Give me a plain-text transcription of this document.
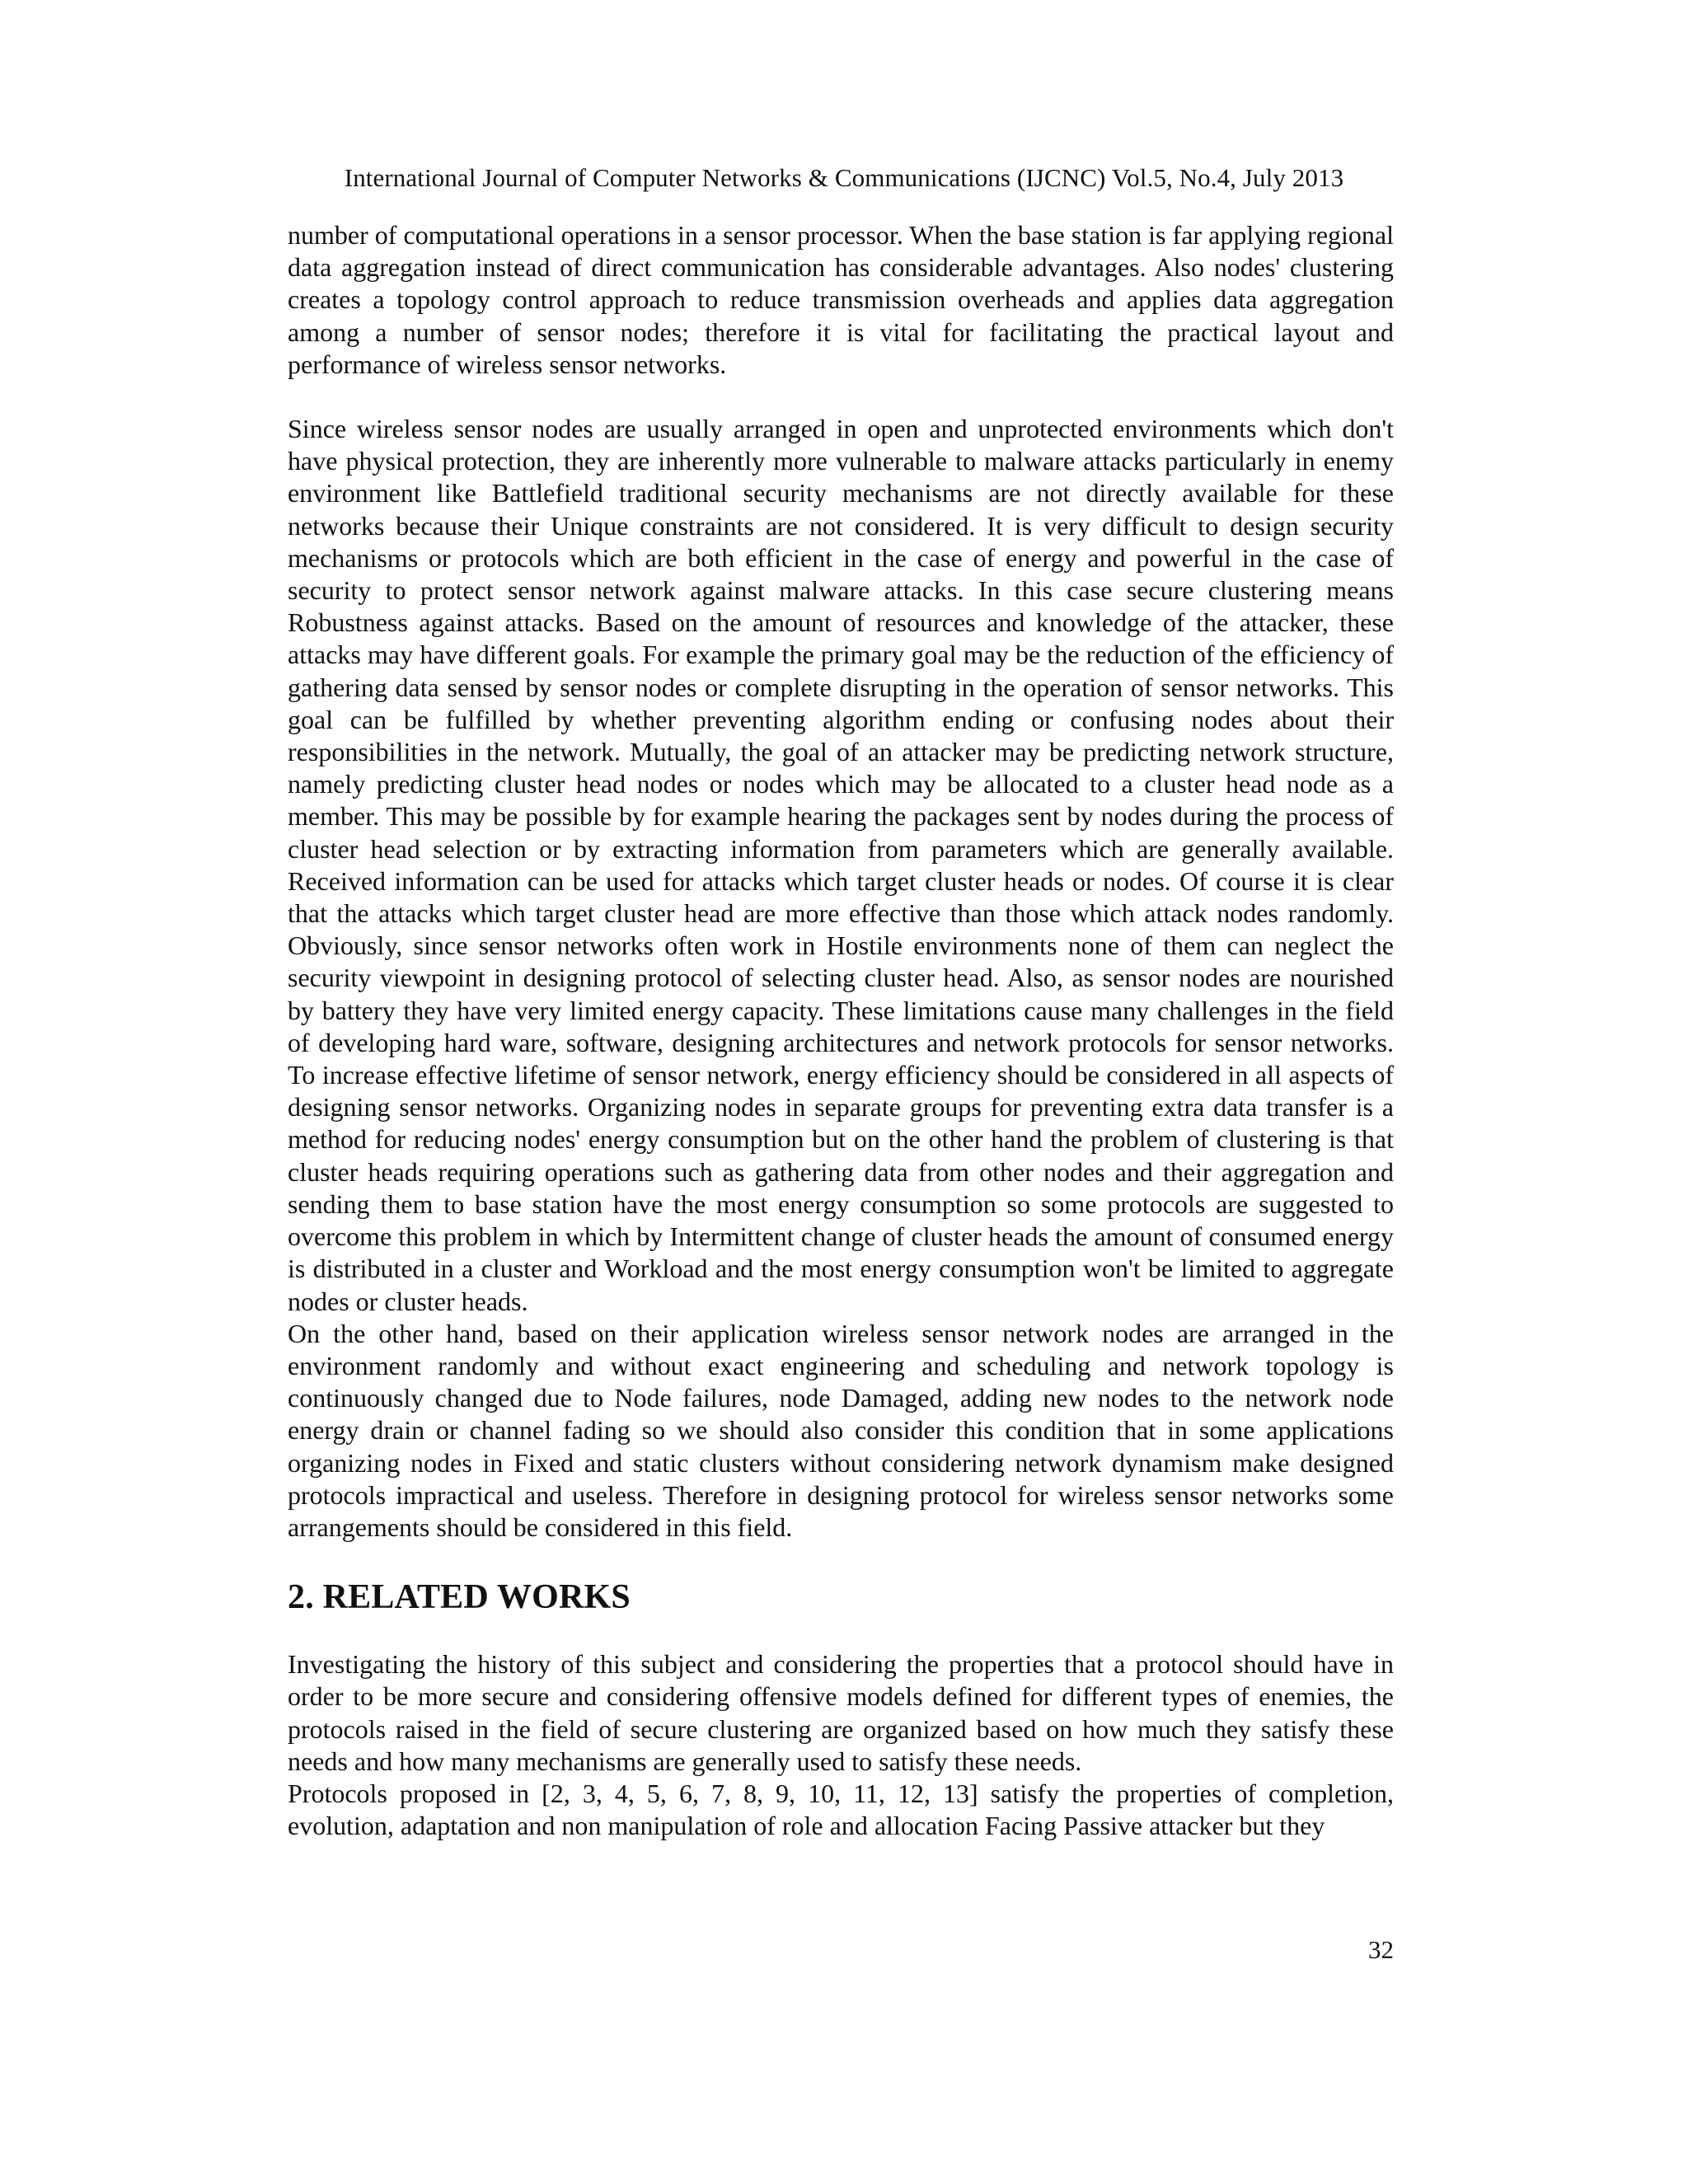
International Journal of Computer Networks & Communications (IJCNC) Vol.5, No.4, July 2013

number of computational operations in a sensor processor. When the base station is far applying regional data aggregation instead of direct communication has considerable advantages. Also nodes' clustering creates a topology control approach to reduce transmission overheads and applies data aggregation among a number of sensor nodes; therefore it is vital for facilitating the practical layout and performance of wireless sensor networks.

Since wireless sensor nodes are usually arranged in open and unprotected environments which don't have physical protection, they are inherently more vulnerable to malware attacks particularly in enemy environment like Battlefield traditional security mechanisms are not directly available for these networks because their Unique constraints are not considered. It is very difficult to design security mechanisms or protocols which are both efficient in the case of energy and powerful in the case of security to protect sensor network against malware attacks. In this case secure clustering means Robustness against attacks. Based on the amount of resources and knowledge of the attacker, these attacks may have different goals. For example the primary goal may be the reduction of the efficiency of gathering data sensed by sensor nodes or complete disrupting in the operation of sensor networks. This goal can be fulfilled by whether preventing algorithm ending or confusing nodes about their responsibilities in the network. Mutually, the goal of an attacker may be predicting network structure, namely predicting cluster head nodes or nodes which may be allocated to a cluster head node as a member. This may be possible by for example hearing the packages sent by nodes during the process of cluster head selection or by extracting information from parameters which are generally available. Received information can be used for attacks which target cluster heads or nodes. Of course it is clear that the attacks which target cluster head are more effective than those which attack nodes randomly. Obviously, since sensor networks often work in Hostile environments none of them can neglect the security viewpoint in designing protocol of selecting cluster head. Also, as sensor nodes are nourished by battery they have very limited energy capacity. These limitations cause many challenges in the field of developing hard ware, software, designing architectures and network protocols for sensor networks. To increase effective lifetime of sensor network, energy efficiency should be considered in all aspects of designing sensor networks. Organizing nodes in separate groups for preventing extra data transfer is a method for reducing nodes' energy consumption but on the other hand the problem of clustering is that cluster heads requiring operations such as gathering data from other nodes and their aggregation and sending them to base station have the most energy consumption so some protocols are suggested to overcome this problem in which by Intermittent change of cluster heads the amount of consumed energy is distributed in a cluster and Workload and the most energy consumption won't be limited to aggregate nodes or cluster heads.

On the other hand, based on their application wireless sensor network nodes are arranged in the environment randomly and without exact engineering and scheduling and network topology is continuously changed due to Node failures, node Damaged, adding new nodes to the network node energy drain or channel fading so we should also consider this condition that in some applications organizing nodes in Fixed and static clusters without considering network dynamism make designed protocols impractical and useless. Therefore in designing protocol for wireless sensor networks some arrangements should be considered in this field.

2. RELATED WORKS

Investigating the history of this subject and considering the properties that a protocol should have in order to be more secure and considering offensive models defined for different types of enemies, the protocols raised in the field of secure clustering are organized based on how much they satisfy these needs and how many mechanisms are generally used to satisfy these needs.

Protocols proposed in [2, 3, 4, 5, 6, 7, 8, 9, 10, 11, 12, 13] satisfy the properties of completion, evolution, adaptation and non manipulation of role and allocation Facing Passive attacker but they

32
